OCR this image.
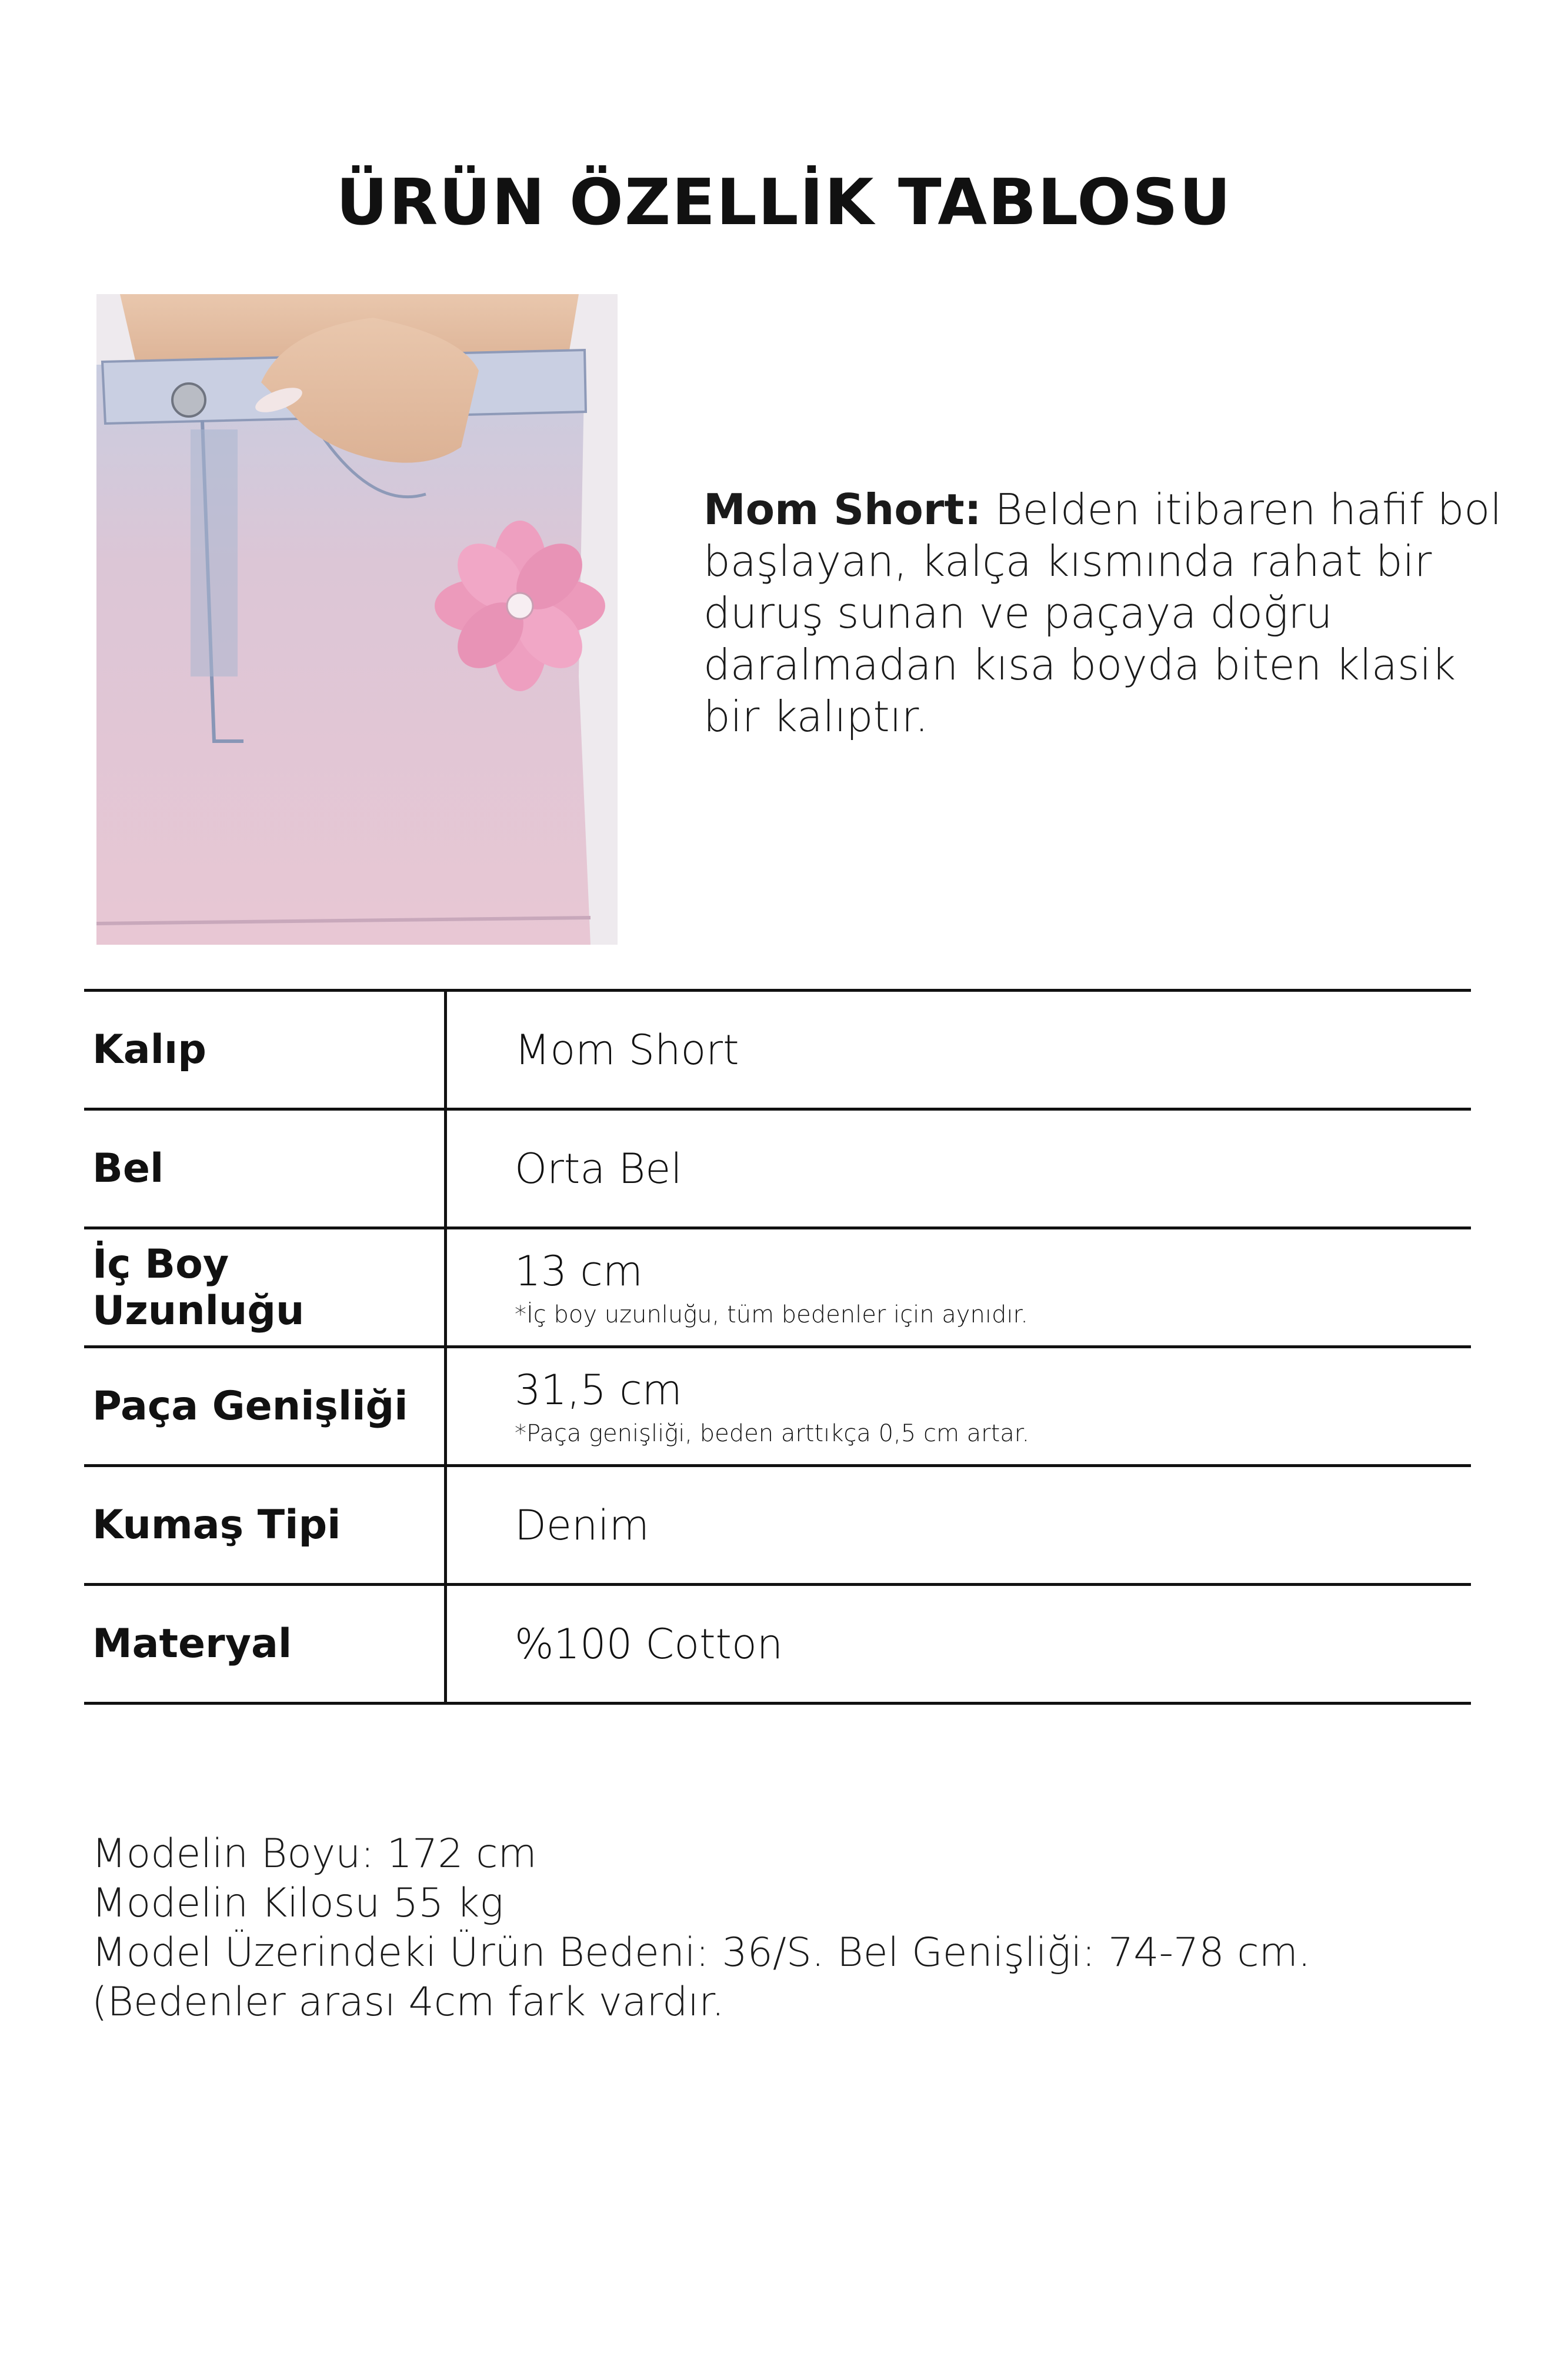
ÜRÜN ÖZELLİK TABLOSU
Mom Short: Belden itibaren hafif bol başlayan, kalça kısmında rahat bir duruş sunan ve paçaya doğru daralmadan kısa boyda biten klasik bir kalıptır.
Kalıp	Mom Short
Bel	Orta Bel
İç Boy Uzunluğu	13 cm
*İç boy uzunluğu, tüm bedenler için aynıdır.

Paça Genişliği	31,5 cm
*Paça genişliği, beden arttıkça 0,5 cm artar.

Kumaş Tipi	Denim
Materyal	%100 Cotton
Modelin Boyu: 172 cm
Modelin Kilosu 55 kg
Model Üzerindeki Ürün Bedeni: 36/S. Bel Genişliği: 74-78 cm. (Bedenler arası 4cm fark vardır.
